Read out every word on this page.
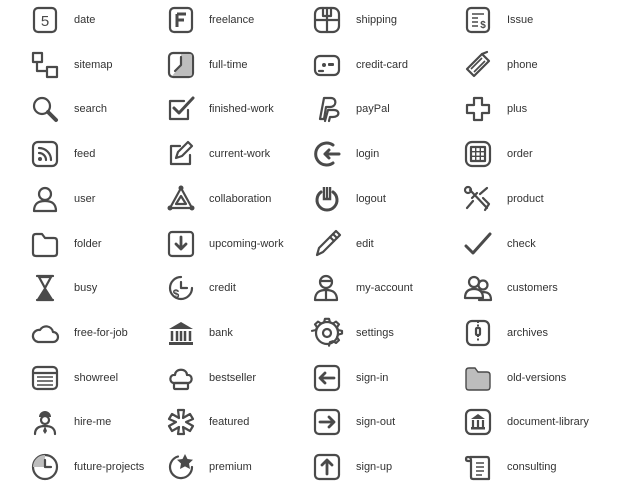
5 date
sitemap
search
feed
user
folder
busy
free-for-job
showreel
hire-me
future-projects
freelance
full-time
finished-work
current-work
collaboration
upcoming-work
$	credit
bank
bestseller
featured
premium
shipping
credit-card
payPal
login
logout
edit
my-account
settings
sign-in
sign-out
sign-up
$ Issue
phone
plus
order
product
check
customers
archives
old-versions
document-library
consulting
